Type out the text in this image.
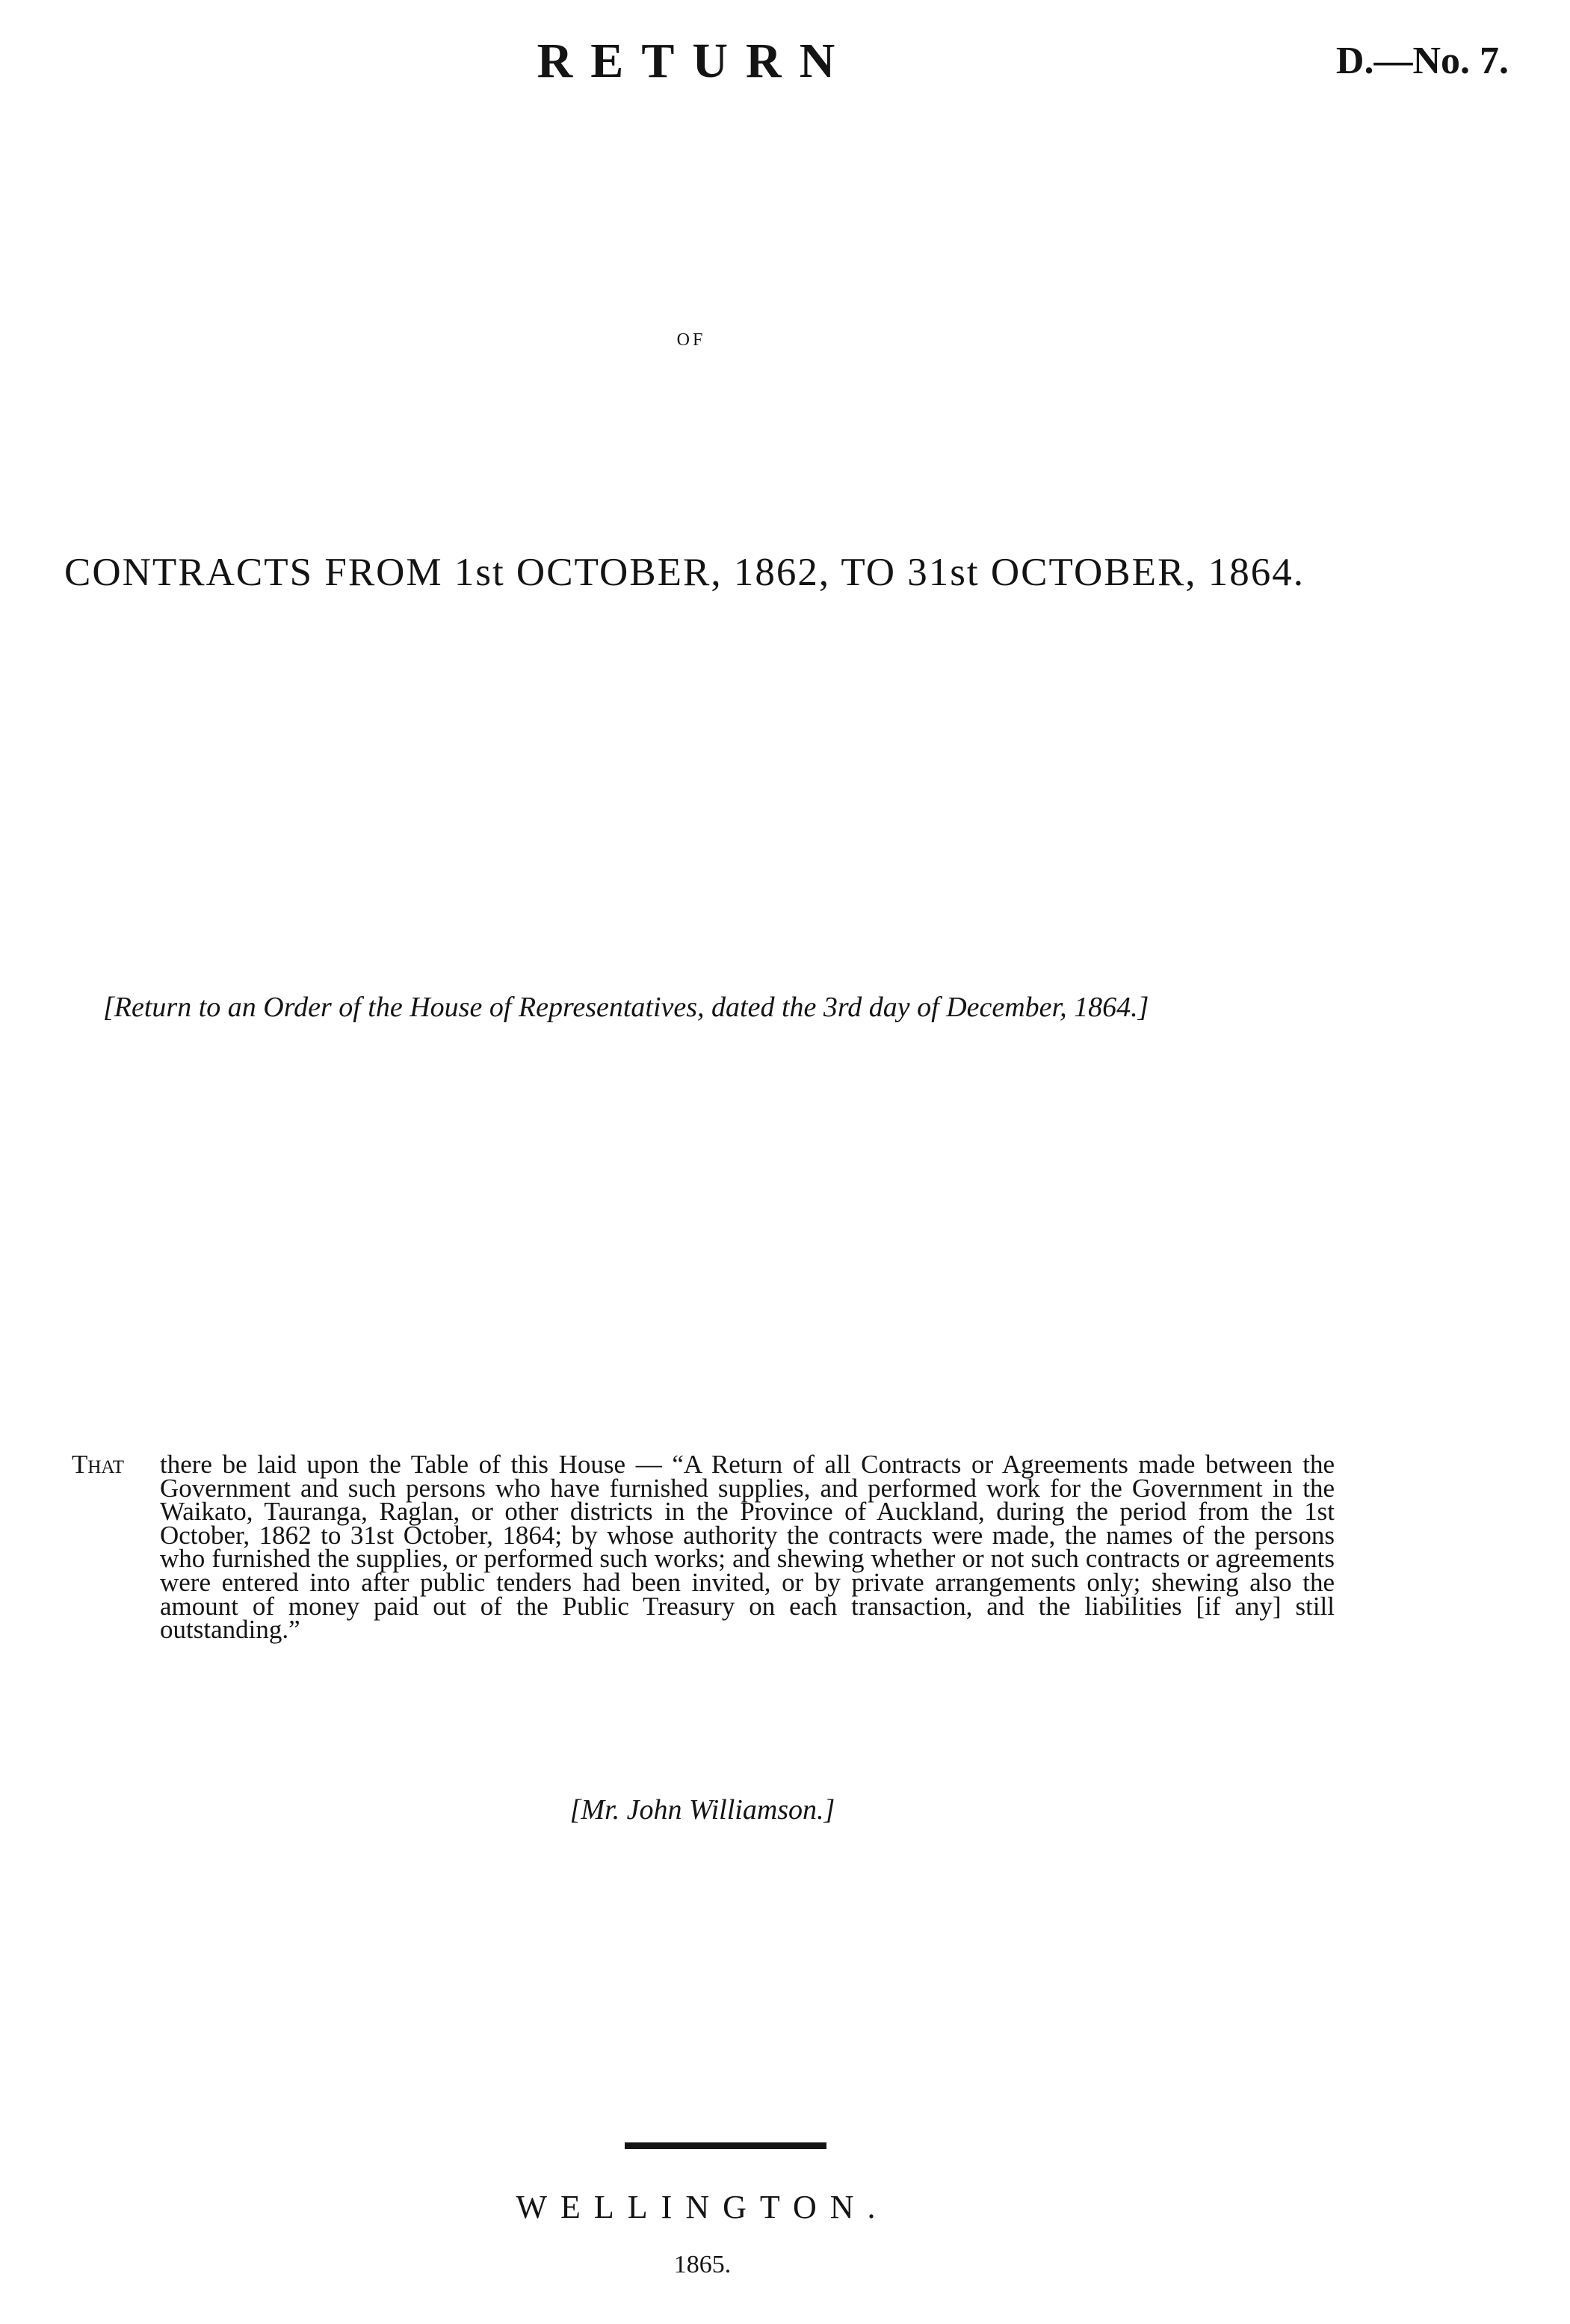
RETURN	D.—No. 7.
OF
CONTRACTS FROM 1st OCTOBER, 1862, TO 31st OCTOBER, 1864.
[Return to an Order of the House of Representatives, dated the 3rd day of December, 1864.]
That there be laid upon the Table of this House — “A Return of all Contracts or Agreements made between the Government and such persons who have furnished supplies, and performed work for the Government in the Waikato, Tauranga, Raglan, or other districts in the Province of Auckland, during the period from the 1st October, 1862 to 31st October, 1864; by whose authority the contracts were made, the names of the persons who furnished the supplies, or performed such works; and shewing whether or not such contracts or agreements were entered into after public tenders had been invited, or by private arrangements only; shewing also the amount of money paid out of the Public Treasury on each transaction, and the liabilities [if any] still outstanding.”
[Mr. John Williamson.]
WELLINGTON.
1865.
